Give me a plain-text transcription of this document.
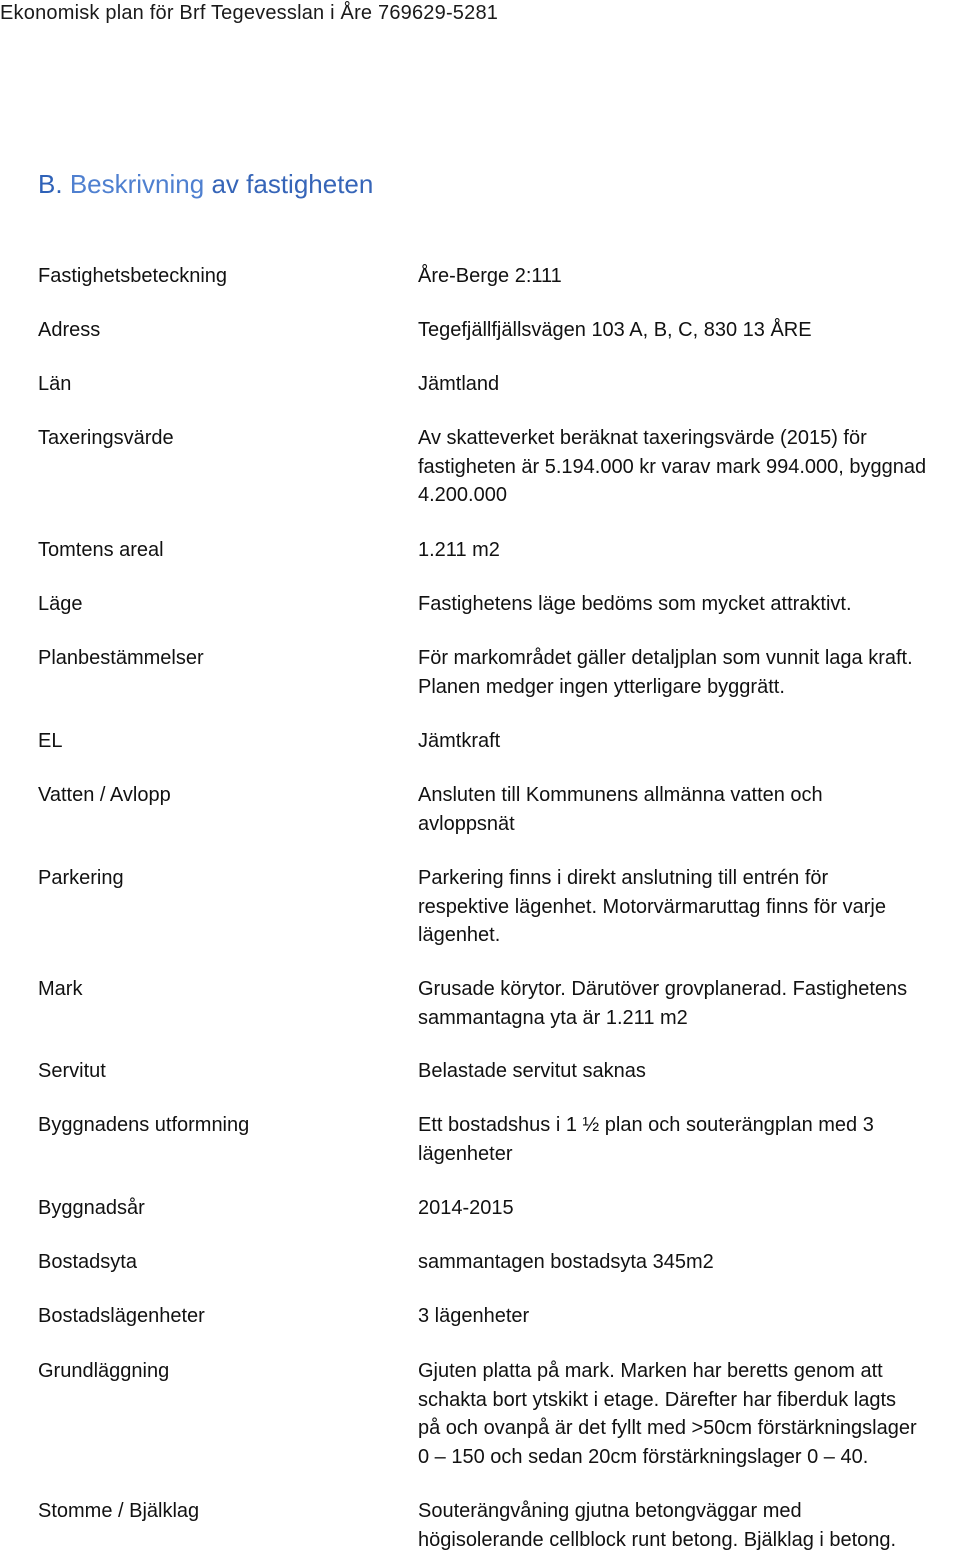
Ekonomisk plan för Brf Tegevesslan i Åre 769629-5281
B. Beskrivning av fastigheten
Fastighetsbeteckning	Åre-Berge 2:111
Adress	Tegefjällfjällsvägen 103 A, B, C, 830 13 ÅRE
Län	Jämtland
Taxeringsvärde	Av skatteverket beräknat taxeringsvärde (2015) för
fastigheten är 5.194.000 kr varav mark 994.000, byggnad
4.200.000
Tomtens areal	1.211 m2
Läge	Fastighetens läge bedöms som mycket attraktivt.
Planbestämmelser	För markområdet gäller detaljplan som vunnit laga kraft.
Planen medger ingen ytterligare byggrätt.
EL	Jämtkraft
Vatten / Avlopp	Ansluten till Kommunens allmänna vatten och
avloppsnät
Parkering	Parkering finns i direkt anslutning till entrén för
respektive lägenhet. Motorvärmaruttag finns för varje
lägenhet.
Mark	Grusade körytor. Därutöver grovplanerad. Fastighetens
sammantagna yta är 1.211 m2
Servitut	Belastade servitut saknas
Byggnadens utformning	Ett bostadshus i 1 ½ plan och souterängplan med 3
lägenheter
Byggnadsår	2014-2015
Bostadsyta	sammantagen bostadsyta 345m2
Bostadslägenheter	3 lägenheter
Grundläggning	Gjuten platta på mark. Marken har beretts genom att
schakta bort ytskikt i etage. Därefter har fiberduk lagts
på och ovanpå är det fyllt med >50cm förstärkningslager
0 – 150 och sedan 20cm förstärkningslager 0 – 40.
Stomme / Bjälklag	Souterängvåning gjutna betongväggar med
högisolerande cellblock runt betong. Bjälklag i betong.
